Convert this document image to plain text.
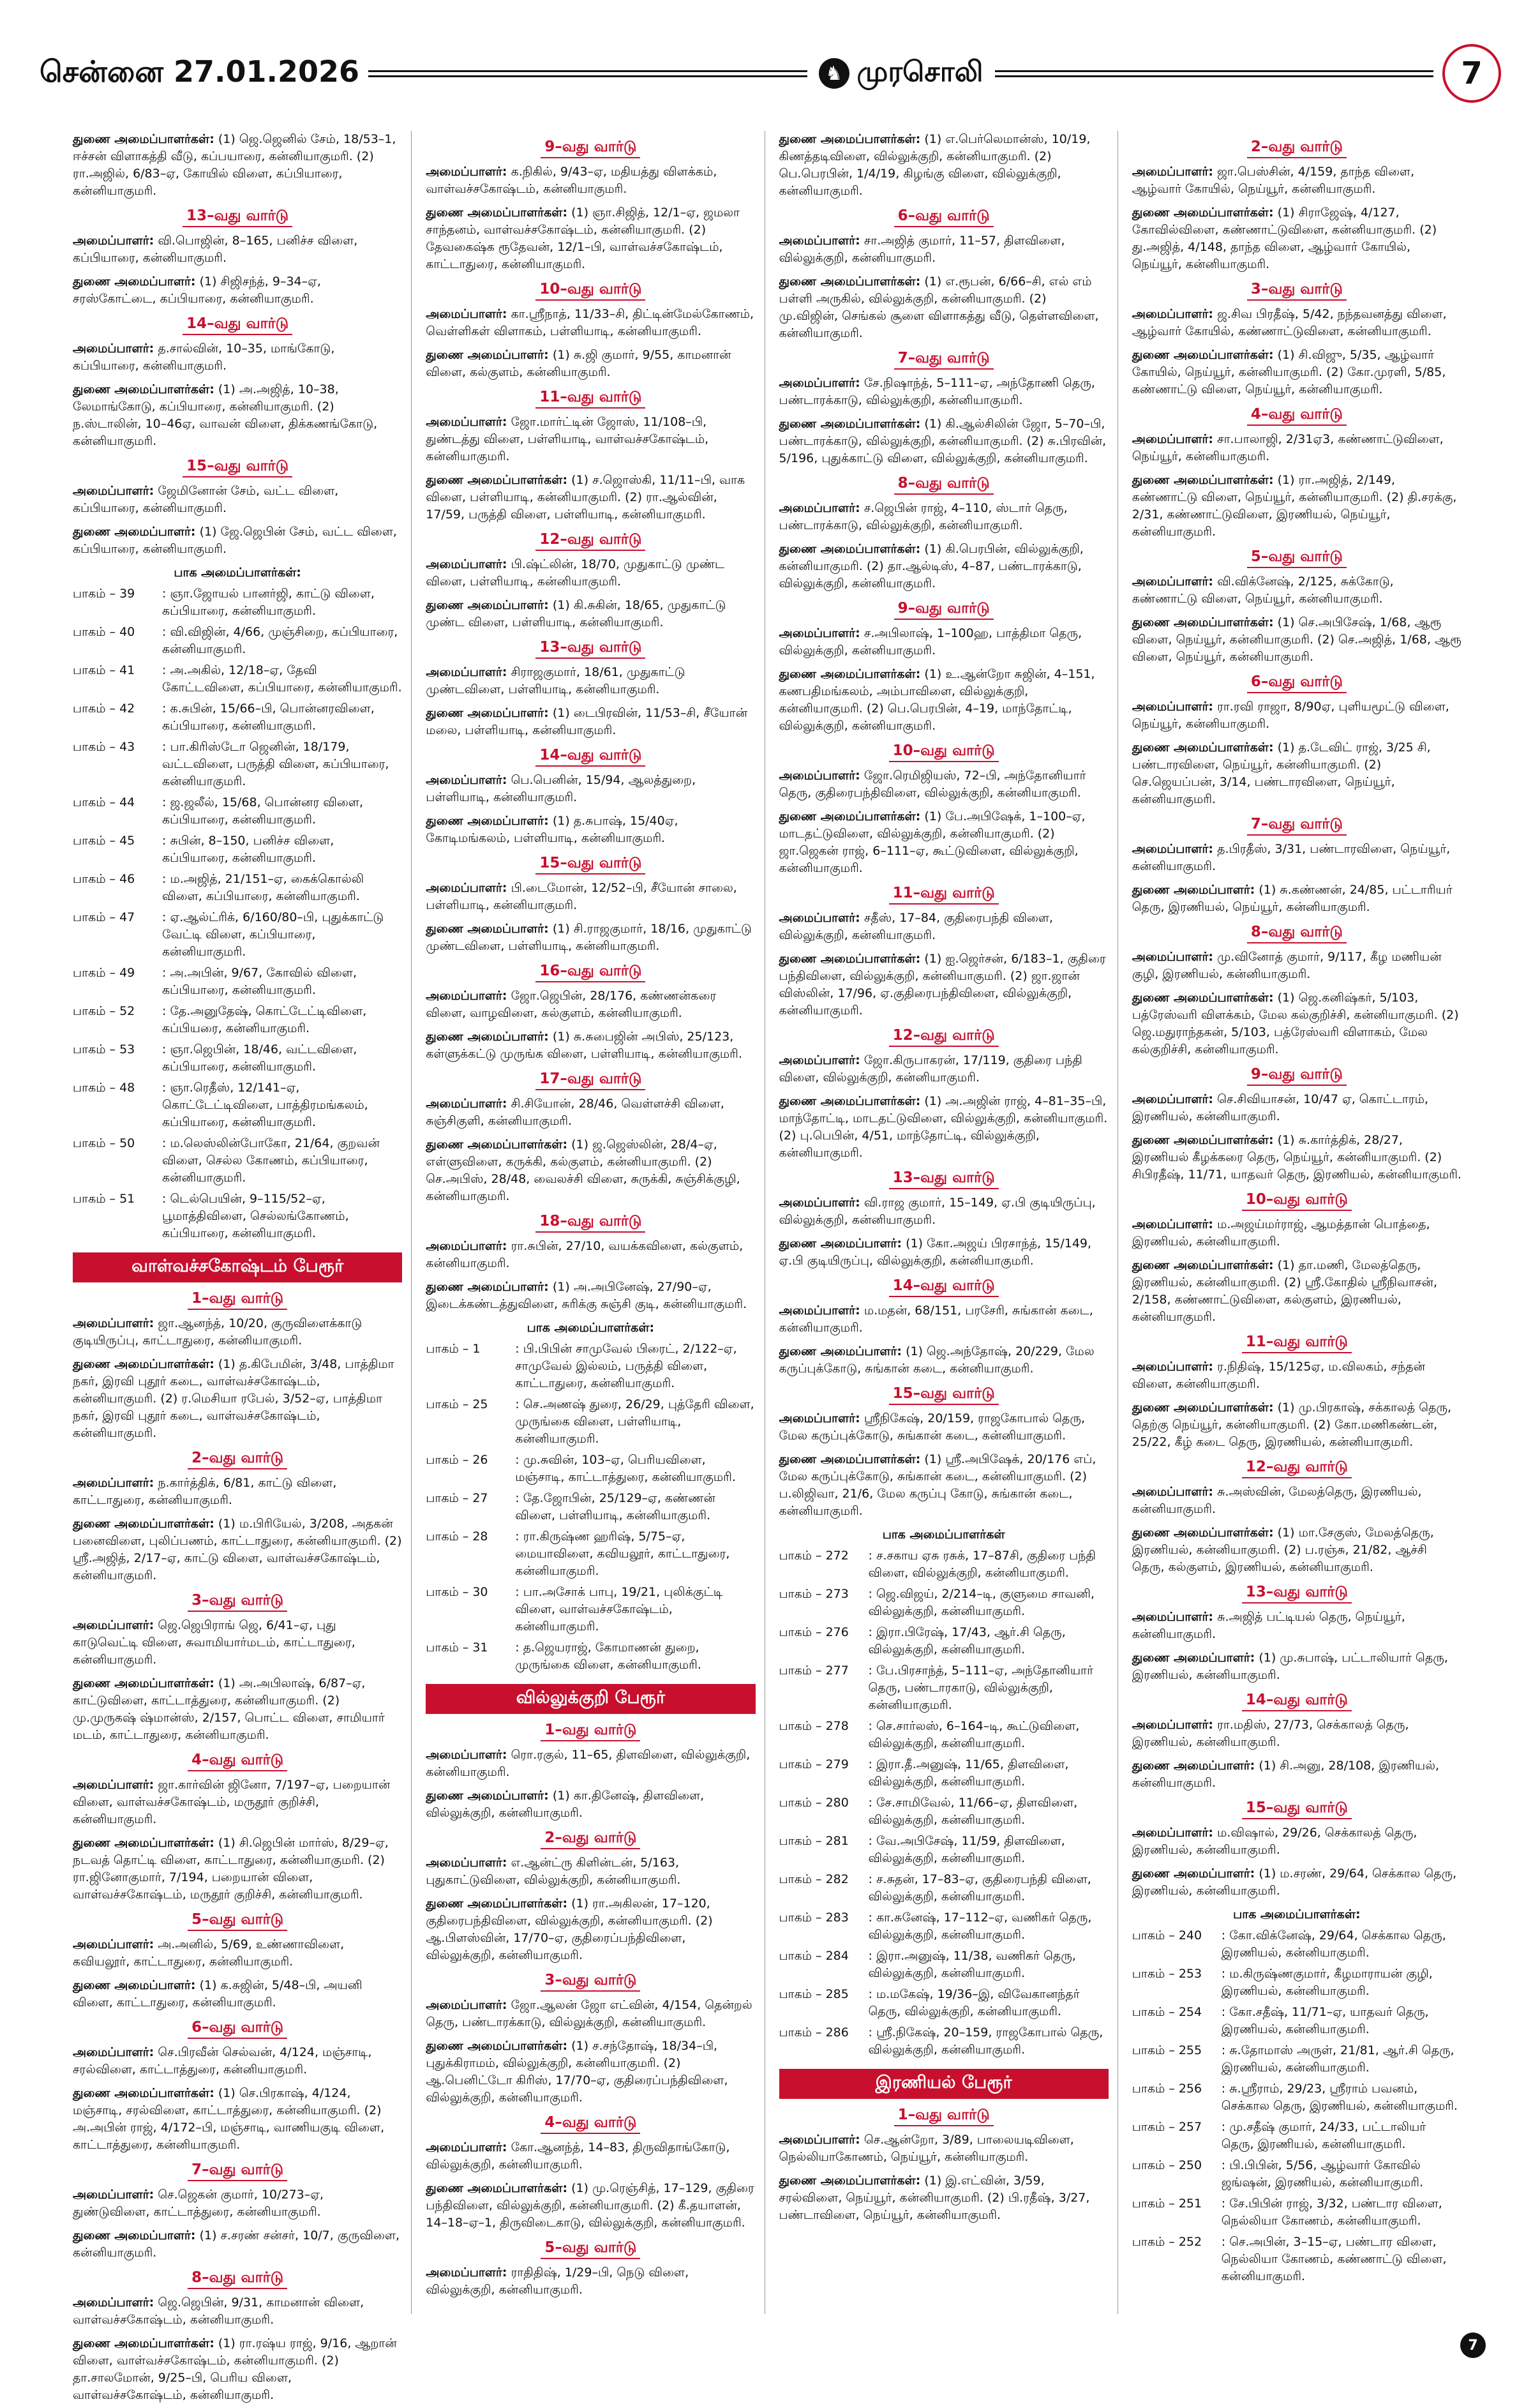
சென்னை 27.01.2026	♞ முரசொலி	7
துணை அமைப்பாளர்கள்: (1) ஜெ.ஜெனில் சேம், 18/53–1, ஈச்சன் விளாகத்தி வீடு, கப்பயாரை, கன்னியாகுமரி. (2) ரா.அஜில், 6/83–ஏ, கோயில் விளை, கப்பியாரை, கன்னியாகுமரி.
13–வது வார்டு
அமைப்பாளர்: வி.பொஜின், 8–165, பனிச்ச விளை, கப்பியாரை, கன்னியாகுமரி.
துணை அமைப்பாளர்: (1) சிஜிசந்த், 9–34–ஏ, சரஸ்கோட்டை, கப்பியாரை, கன்னியாகுமரி.
14–வது வார்டு
அமைப்பாளர்: த.சால்வின், 10–35, மாங்கோடு, கப்பியாரை, கன்னியாகுமரி.
துணை அமைப்பாளர்கள்: (1) அ.அஜித், 10–38, லேமாங்கோடு, கப்பியாரை, கன்னியாகுமரி. (2) ந.ஸ்டாலின், 10–46ஏ, வாவன் விளை, திக்கணங்கோடு, கன்னியாகுமரி.
15–வது வார்டு
அமைப்பாளர்: ஜேமினோன் சேம், வட்ட விளை, கப்பியாரை, கன்னியாகுமரி.
துணை அமைப்பாளர்: (1) ஜே.ஜெபின் சேம், வட்ட விளை, கப்பியாரை, கன்னியாகுமரி.
பாக அமைப்பாளர்கள்:
பாகம் – 39	: ஞா.ஜோயல் பானர்ஜி, காட்டு விளை, கப்பியாரை, கன்னியாகுமரி.
பாகம் – 40	: வி.விஜின், 4/66, முஞ்சிறை, கப்பியாரை, கன்னியாகுமரி.
பாகம் – 41	: அ.அகில், 12/18–ஏ, தேவி கோட்டவிளை, கப்பியாரை, கன்னியாகுமரி.
பாகம் – 42	: க.சுபின், 15/66–பி, பொன்னரவிளை, கப்பியாரை, கன்னியாகுமரி.
பாகம் – 43	: பா.கிரிஸ்டோ ஜெனின், 18/179, வட்டவிளை, பருத்தி விளை, கப்பியாரை, கன்னியாகுமரி.
பாகம் – 44	: ஜ.ஜலீல், 15/68, பொன்னர விளை, கப்பியாரை, கன்னியாகுமரி.
பாகம் – 45	: சுபின், 8–150, பனிச்ச விளை, கப்பியாரை, கன்னியாகுமரி.
பாகம் – 46	: ம.அஜித், 21/151–ஏ, கைக்கொல்லி விளை, கப்பியாரை, கன்னியாகுமரி.
பாகம் – 47	: ஏ.ஆல்ட்ரிக், 6/160/80–பி, புதுக்காட்டு வேட்டி விளை, கப்பியாரை, கன்னியாகுமரி.
பாகம் – 49	: அ.அபின், 9/67, கோவில் விளை, கப்பியாரை, கன்னியாகுமரி.
பாகம் – 52	: தே.அனுதேஷ், கொட்டேட்டிவிளை, கப்பியரை, கன்னியாகுமரி.
பாகம் – 53	: ஞா.ஜெபின், 18/46, வட்டவிளை, கப்பியாரை, கன்னியாகுமரி.
பாகம் – 48	: ஞா.ரெதீஸ், 12/141–ஏ, கொட்டேட்டிவிளை, பாத்திரமங்கலம், கப்பியாரை, கன்னியாகுமரி.
பாகம் – 50	: ம.லெஸ்லின்போகோ, 21/64, குறவன் விளை, செல்ல கோணம், கப்பியாரை, கன்னியாகுமரி.
பாகம் – 51	: டெல்பெயின், 9–115/52–ஏ, பூமாத்திவிளை, செல்லங்கோணம், கப்பியாரை, கன்னியாகுமரி.
வாள்வச்சகோஷ்டம் பேரூர்
1–வது வார்டு
அமைப்பாளர்: ஜா.ஆனந்த், 10/20, குருவிளைக்காடு குடியிருப்பு, காட்டாதுரை, கன்னியாகுமரி.
துணை அமைப்பாளர்கள்: (1) த.கிபேமின், 3/48, பாத்திமா நகர், இரவி புதூர் கடை, வாள்வச்சகோஷ்டம், கன்னியாகுமரி. (2) ர.மெசியா ரபேல், 3/52–ஏ, பாத்திமா நகர், இரவி புதூர் கடை, வாள்வச்சகோஷ்டம், கன்னியாகுமரி.
2–வது வார்டு
அமைப்பாளர்: ந.கார்த்திக், 6/81, காட்டு விளை, காட்டாதுரை, கன்னியாகுமரி.
துணை அமைப்பாளர்கள்: (1) ம.பிரியேல், 3/208, அதகன் பனைவிளை, புலிப்பணம், காட்டாதுரை, கன்னியாகுமரி. (2) ஸ்ரீ.அஜித், 2/17–ஏ, காட்டு விளை, வாள்வச்சகோஷ்டம், கன்னியாகுமரி.
3–வது வார்டு
அமைப்பாளர்: ஜெ.ஜெபிராங் ஜெ, 6/41–ஏ, புது காடுவெட்டி விளை, சுவாமியார்மடம், காட்டாதுரை, கன்னியாகுமரி.
துணை அமைப்பாளர்கள்: (1) அ.அபிலாஷ், 6/87–ஏ, காட்டுவிளை, காட்டாத்துரை, கன்னியாகுமரி. (2) மு.முருகஷ் ஷ்மான்ஸ், 2/157, பொட்ட விளை, சாமியார் மடம், காட்டாதுரை, கன்னியாகுமரி.
4–வது வார்டு
அமைப்பாளர்: ஜா.கார்வின் ஜினோ, 7/197–ஏ, பறையான் விளை, வாள்வச்சகோஷ்டம், மருதூர் குறிச்சி, கன்னியாகுமரி.
துணை அமைப்பாளர்கள்: (1) சி.ஜெபின் மார்ஸ், 8/29–ஏ, நடவத் தொட்டி விளை, காட்டாதுரை, கன்னியாகுமரி. (2) ரா.ஜினோகுமார், 7/194, பறையான் விளை, வாள்வச்சகோஷ்டம், மருதூர் குறிச்சி, கன்னியாகுமரி.
5–வது வார்டு
அமைப்பாளர்: அ.அனில், 5/69, உண்ணாவிளை, கவியலூர், காட்டாதுரை, கன்னியாகுமரி.
துணை அமைப்பாளர்: (1) க.சுஜின், 5/48–பி, அயனி விளை, காட்டாதுரை, கன்னியாகுமரி.
6–வது வார்டு
அமைப்பாளர்: செ.பிரவீன் செல்வன், 4/124, மஞ்சாடி, சரல்விளை, காட்டாத்துரை, கன்னியாகுமரி.
துணை அமைப்பாளர்கள்: (1) செ.பிரகாஷ், 4/124, மஞ்சாடி, சரல்விளை, காட்டாத்துரை, கன்னியாகுமரி. (2) அ.அபின் ராஜ், 4/172–பி, மஞ்சாடி, வாணியகுடி விளை, காட்டாத்துரை, கன்னியாகுமரி.
7–வது வார்டு
அமைப்பாளர்: செ.ஜெகன் குமார், 10/273–ஏ, துண்டுவிளை, காட்டாத்துரை, கன்னியாகுமரி.
துணை அமைப்பாளர்: (1) ச.சரண் சன்சர், 10/7, குருவிளை, கன்னியாகுமரி.
8–வது வார்டு
அமைப்பாளர்: ஜெ.ஜெபின், 9/31, காமனான் விளை, வாள்வச்சகோஷ்டம், கன்னியாகுமரி.
துணை அமைப்பாளர்கள்: (1) ரா.ரஷ்ய ராஜ், 9/16, ஆறான் விளை, வாள்வச்சகோஷ்டம், கன்னியாகுமரி. (2) தா.சாலமோன், 9/25–பி, பெரிய விளை, வாள்வச்சகோஷ்டம், கன்னியாகுமரி.
9–வது வார்டு
அமைப்பாளர்: க.நிகில், 9/43–ஏ, மதியத்து விளக்கம், வாள்வச்சகோஷ்டம், கன்னியாகுமரி.
துணை அமைப்பாளர்கள்: (1) ஞா.சிஜித், 12/1–ஏ, ஜமலா சாந்தனம், வாள்வச்சகோஷ்டம், கன்னியாகுமரி. (2) தேவகைஷ்க ரூதேவன், 12/1–பி, வாள்வச்சகோஷ்டம், காட்டாதுரை, கன்னியாகுமரி.
10–வது வார்டு
அமைப்பாளர்: கா.ஸ்ரீநாத், 11/33–சி, திட்டின்மேல்கோணம், வெள்ளிகள் விளாகம், பள்ளியாடி, கன்னியாகுமரி.
துணை அமைப்பாளர்: (1) சு.ஜி குமார், 9/55, காமனான் விளை, கல்குளம், கன்னியாகுமரி.
11–வது வார்டு
அமைப்பாளர்: ஜோ.மார்ட்டின் ஜோஸ், 11/108–பி, துண்டத்து விளை, பள்ளியாடி, வாள்வச்சகோஷ்டம், கன்னியாகுமரி.
துணை அமைப்பாளர்கள்: (1) ச.ஜொஸ்கி, 11/11–பி, வாக விளை, பள்ளியாடி, கன்னியாகுமரி. (2) ரா.ஆல்வின், 17/59, பருத்தி விளை, பள்ளியாடி, கன்னியாகுமரி.
12–வது வார்டு
அமைப்பாளர்: பி.ஷ்ட்லின், 18/70, முதுகாட்டு முண்ட விளை, பள்ளியாடி, கன்னியாகுமரி.
துணை அமைப்பாளர்: (1) கி.சுகின், 18/65, முதுகாட்டு முண்ட விளை, பள்ளியாடி, கன்னியாகுமரி.
13–வது வார்டு
அமைப்பாளர்: சிராஜகுமார், 18/61, முதுகாட்டு முண்டவிளை, பள்ளியாடி, கன்னியாகுமரி.
துணை அமைப்பாளர்: (1) டைபிரவின், 11/53–சி, சீயோன் மலை, பள்ளியாடி, கன்னியாகுமரி.
14–வது வார்டு
அமைப்பாளர்: பெ.பெனின், 15/94, ஆலத்துறை, பள்ளியாடி, கன்னியாகுமரி.
துணை அமைப்பாளர்: (1) த.சுபாஷ், 15/40ஏ, கோடிமங்கலம், பள்ளியாடி, கன்னியாகுமரி.
15–வது வார்டு
அமைப்பாளர்: பி.டைமோன், 12/52–பி, சீயோன் சாலை, பள்ளியாடி, கன்னியாகுமரி.
துணை அமைப்பாளர்: (1) சி.ராஜகுமார், 18/16, முதுகாட்டு முண்டவிளை, பள்ளியாடி, கன்னியாகுமரி.
16–வது வார்டு
அமைப்பாளர்: ஜோ.ஜெபின், 28/176, கண்ணன்கரை விளை, வாழவிளை, கல்குளம், கன்னியாகுமரி.
துணை அமைப்பாளர்: (1) சு.சுபைஜின் அபிஸ், 25/123, கள்ளுக்கட்டு முருங்க விளை, பள்ளியாடி, கன்னியாகுமரி.
17–வது வார்டு
அமைப்பாளர்: சி.சியோன், 28/46, வெள்ளச்சி விளை, சுஞ்சிகுளி, கன்னியாகுமரி.
துணை அமைப்பாளர்கள்: (1) ஜ.ஜெஸ்லின், 28/4–ஏ, எள்ளுவிளை, கருக்கி, கல்குளம், கன்னியாகுமரி. (2) செ.அபிஸ், 28/48, வைலச்சி விளை, சுருக்கி, சுஞ்சிக்குழி, கன்னியாகுமரி.
18–வது வார்டு
அமைப்பாளர்: ரா.சுபின், 27/10, வயக்கவிளை, கல்குளம், கன்னியாகுமரி.
துணை அமைப்பாளர்: (1) அ.அபினேஷ், 27/90–ஏ, இடைக்கண்டத்துவிளை, சுரிக்கு சுஞ்சி குடி, கன்னியாகுமரி.
பாக அமைப்பாளர்கள்:
பாகம் – 1	: பி.பிபின் சாமுவேல் பிரைட், 2/122–ஏ, சாமுவேல் இல்லம், பருத்தி விளை, காட்டாதுரை, கன்னியாகுமரி.
பாகம் – 25	: செ.அணஷ் துரை, 26/29, புத்தேரி விளை, முருங்கை விளை, பள்ளியாடி, கன்னியாகுமரி.
பாகம் – 26	: மு.சுவின், 103–ஏ, பெரியவிளை, மஞ்சாடி, காட்டாத்துரை, கன்னியாகுமரி.
பாகம் – 27	: தே.ஜோபின், 25/129–ஏ, கண்ணன் விளை, பள்ளியாடி, கன்னியாகுமரி.
பாகம் – 28	: ரா.கிருஷ்ண ஹரிஷ், 5/75–ஏ, மையாவிளை, கவியலூர், காட்டாதுரை, கன்னியாகுமரி.
பாகம் – 30	: பா.அசோக் பாபு, 19/21, புலிக்குட்டி விளை, வாள்வச்சகோஷ்டம், கன்னியாகுமரி.
பாகம் – 31	: த.ஜெயராஜ், கோமாணன் துறை, முருங்கை விளை, கன்னியாகுமரி.
வில்லுக்குறி பேரூர்
1–வது வார்டு
அமைப்பாளர்: ரொ.ரகுல், 11–65, திளவிளை, வில்லுக்குறி, கன்னியாகுமரி.
துணை அமைப்பாளர்: (1) கா.தினேஷ், திளவிளை, வில்லுக்குறி, கன்னியாகுமரி.
2–வது வார்டு
அமைப்பாளர்: எ.ஆன்ட்ரு கிளின்டன், 5/163, புதுகாட்டுவிளை, வில்லுக்குறி, கன்னியாகுமரி.
துணை அமைப்பாளர்கள்: (1) ரா.அகிலன், 17–120, குதிரைபந்திவிளை, வில்லுக்குறி, கன்னியாகுமரி. (2) ஆ.பிளஸ்வின், 17/70–ஏ, குதிரைப்பந்திவிளை, வில்லுக்குறி, கன்னியாகுமரி.
3–வது வார்டு
அமைப்பாளர்: ஜோ.ஆலன் ஜோ எட்வின், 4/154, தென்றல் தெரு, பண்டாரக்காடு, வில்லுக்குறி, கன்னியாகுமரி.
துணை அமைப்பாளர்கள்: (1) ச.சந்தோஷ், 18/34–பி, புதுக்கிராமம், வில்லுக்குறி, கன்னியாகுமரி. (2) ஆ.பெனிட்டோ கிரிஸ், 17/70–ஏ, குதிரைப்பந்திவிளை, வில்லுக்குறி, கன்னியாகுமரி.
4–வது வார்டு
அமைப்பாளர்: கோ.ஆனந்த், 14–83, திருவிதாங்கோடு, வில்லுக்குறி, கன்னியாகுமரி.
துணை அமைப்பாளர்கள்: (1) மு.ரெஞ்சித், 17–129, குதிரை பந்திவிளை, வில்லுக்குறி, கன்னியாகுமரி. (2) கீ.தயாளன், 14–18–ஏ–1, திருவிடைகாடு, வில்லுக்குறி, கன்னியாகுமரி.
5–வது வார்டு
அமைப்பாளர்: ராதிதிஷ், 1/29–பி, நெடு விளை, வில்லுக்குறி, கன்னியாகுமரி.
துணை அமைப்பாளர்கள்: (1) எ.பெர்லெமான்ஸ், 10/19, கிணத்தடிவிளை, வில்லுக்குறி, கன்னியாகுமரி. (2) பெ.பெரபின், 1/4/19, கிழங்கு விளை, வில்லுக்குறி, கன்னியாகுமரி.
6–வது வார்டு
அமைப்பாளர்: சா.அஜித் குமார், 11–57, திளவிளை, வில்லுக்குறி, கன்னியாகுமரி.
துணை அமைப்பாளர்கள்: (1) எ.ரூபன், 6/66–சி, எல் எம் பள்ளி அருகில், வில்லுக்குறி, கன்னியாகுமரி. (2) மு.விஜின், செங்கல் சூளை விளாகத்து வீடு, தெள்ளவிளை, கன்னியாகுமரி.
7–வது வார்டு
அமைப்பாளர்: சே.நிஷாந்த், 5–111–ஏ, அந்தோணி தெரு, பண்டாரக்காடு, வில்லுக்குறி, கன்னியாகுமரி.
துணை அமைப்பாளர்கள்: (1) கி.ஆல்சிலின் ஜோ, 5–70–பி, பண்டாரக்காடு, வில்லுக்குறி, கன்னியாகுமரி. (2) சு.பிரவின், 5/196, புதுக்காட்டு விளை, வில்லுக்குறி, கன்னியாகுமரி.
8–வது வார்டு
அமைப்பாளர்: ச.ஜெபின் ராஜ், 4–110, ஸ்டார் தெரு, பண்டாரக்காடு, வில்லுக்குறி, கன்னியாகுமரி.
துணை அமைப்பாளர்கள்: (1) கி.பெரபின், வில்லுக்குறி, கன்னியாகுமரி. (2) தா.ஆல்டிஸ், 4–87, பண்டாரக்காடு, வில்லுக்குறி, கன்னியாகுமரி.
9–வது வார்டு
அமைப்பாளர்: ச.அபிலாஷ், 1–100ஹ, பாத்திமா தெரு, வில்லுக்குறி, கன்னியாகுமரி.
துணை அமைப்பாளர்கள்: (1) உ.ஆன்றோ சுஜின், 4–151, கணபதிமங்கலம், அம்பாவிளை, வில்லுக்குறி, கன்னியாகுமரி. (2) பெ.பெரபின், 4–19, மாந்தோட்டி, வில்லுக்குறி, கன்னியாகுமரி.
10–வது வார்டு
அமைப்பாளர்: ஜோ.ரெமிஜியஸ், 72–பி, அந்தோனியார் தெரு, குதிரைபந்திவிளை, வில்லுக்குறி, கன்னியாகுமரி.
துணை அமைப்பாளர்கள்: (1) பே.அபிஷேக், 1–100–ஏ, மாடதட்டுவிளை, வில்லுக்குறி, கன்னியாகுமரி. (2) ஜா.ஜெகன் ராஜ், 6–111–ஏ, கூட்டுவிளை, வில்லுக்குறி, கன்னியாகுமரி.
11–வது வார்டு
அமைப்பாளர்: சதீஸ், 17–84, குதிரைபந்தி விளை, வில்லுக்குறி, கன்னியாகுமரி.
துணை அமைப்பாளர்கள்: (1) ஐ.ஜெர்சன், 6/183–1, குதிரை பந்திவிளை, வில்லுக்குறி, கன்னியாகுமரி. (2) ஜா.ஜான் விஸ்லின், 17/96, ஏ.குதிரைபந்திவிளை, வில்லுக்குறி, கன்னியாகுமரி.
12–வது வார்டு
அமைப்பாளர்: ஜோ.கிருபாகரன், 17/119, குதிரை பந்தி விளை, வில்லுக்குறி, கன்னியாகுமரி.
துணை அமைப்பாளர்கள்: (1) அ.அஜின் ராஜ், 4–81–35–பி, மாந்தோட்டி, மாடதட்டுவிளை, வில்லுக்குறி, கன்னியாகுமரி. (2) பு.பெபின், 4/51, மாந்தோட்டி, வில்லுக்குறி, கன்னியாகுமரி.
13–வது வார்டு
அமைப்பாளர்: வி.ராஜ குமார், 15–149, ஏ.பி குடியிருப்பு, வில்லுக்குறி, கன்னியாகுமரி.
துணை அமைப்பாளர்: (1) கோ.அஜய் பிரசாந்த், 15/149, ஏ.பி குடியிருப்பு, வில்லுக்குறி, கன்னியாகுமரி.
14–வது வார்டு
அமைப்பாளர்: ம.மதன், 68/151, பரசேரி, சுங்கான் கடை, கன்னியாகுமரி.
துணை அமைப்பாளர்: (1) ஜெ.அந்தோஷ், 20/229, மேல கருப்புக்கோடு, சுங்கான் கடை, கன்னியாகுமரி.
15–வது வார்டு
அமைப்பாளர்: ஸ்ரீநிகேஷ், 20/159, ராஜகோபால் தெரு, மேல கருப்புக்கோடு, சுங்கான் கடை, கன்னியாகுமரி.
துணை அமைப்பாளர்கள்: (1) ஸ்ரீ.அபிஷேக், 20/176 எப், மேல கருப்புக்கோடு, சுங்கான் கடை, கன்னியாகுமரி. (2) ப.லிஜிவா, 21/6, மேல கருப்பு கோடு, சுங்கான் கடை, கன்னியாகுமரி.
பாக அமைப்பாளர்கள்
பாகம் – 272	: ச.சகாய ஏசு ரசுக், 17–87சி, குதிரை பந்தி விளை, வில்லுக்குறி, கன்னியாகுமரி.
பாகம் – 273	: ஜெ.விஜய், 2/214–டி, குளுமை சாவனி, வில்லுக்குறி, கன்னியாகுமரி.
பாகம் – 276	: இரா.பிரேஷ், 17/43, ஆர்.சி தெரு, வில்லுக்குறி, கன்னியாகுமரி.
பாகம் – 277	: பே.பிரசாந்த், 5–111–ஏ, அந்தோனியார் தெரு, பண்டாரகாடு, வில்லுக்குறி, கன்னியாகுமரி.
பாகம் – 278	: செ.சார்லஸ், 6–164–டி, கூட்டுவிளை, வில்லுக்குறி, கன்னியாகுமரி.
பாகம் – 279	: இரா.தீ.அனுஷ், 11/65, திளவிளை, வில்லுக்குறி, கன்னியாகுமரி.
பாகம் – 280	: சே.சாமிவேல், 11/66–ஏ, திளவிளை, வில்லுக்குறி, கன்னியாகுமரி.
பாகம் – 281	: வே.அபிசேஷ், 11/59, திளவிளை, வில்லுக்குறி, கன்னியாகுமரி.
பாகம் – 282	: ச.சுதன், 17–83–ஏ, குதிரைபந்தி விளை, வில்லுக்குறி, கன்னியாகுமரி.
பாகம் – 283	: கா.சுனேஷ், 17–112–ஏ, வணிகர் தெரு, வில்லுக்குறி, கன்னியாகுமரி.
பாகம் – 284	: இரா.அனுஷ், 11/38, வணிகர் தெரு, வில்லுக்குறி, கன்னியாகுமரி.
பாகம் – 285	: ம.மகேஷ், 19/36–இ, விவேகானந்தர் தெரு, வில்லுக்குறி, கன்னியாகுமரி.
பாகம் – 286	: ஸ்ரீ.நிகேஷ், 20–159, ராஜகோபால் தெரு, வில்லுக்குறி, கன்னியாகுமரி.
இரணியல் பேரூர்
1–வது வார்டு
அமைப்பாளர்: செ.ஆன்றோ, 3/89, பாலையடிவிளை, நெல்லியாகோணம், நெய்யூர், கன்னியாகுமரி.
துணை அமைப்பாளர்கள்: (1) இ.எட்வின், 3/59, சரல்விளை, நெய்யூர், கன்னியாகுமரி. (2) பி.ரதீஷ், 3/27, பண்டாவிளை, நெய்யூர், கன்னியாகுமரி.
2–வது வார்டு
அமைப்பாளர்: ஜா.பெஸ்சின், 4/159, தாந்த விளை, ஆழ்வார் கோயில், நெய்யூர், கன்னியாகுமரி.
துணை அமைப்பாளர்கள்: (1) சிராஜேஷ், 4/127, கோவில்விளை, கண்ணாட்டுவிளை, கன்னியாகுமரி. (2) து.அஜித், 4/148, தாந்த விளை, ஆழ்வார் கோயில், நெய்யூர், கன்னியாகுமரி.
3–வது வார்டு
அமைப்பாளர்: ஜ.சிவ பிரதீஷ், 5/42, நந்தவனத்து விளை, ஆழ்வார் கோயில், கண்ணாட்டுவிளை, கன்னியாகுமரி.
துணை அமைப்பாளர்கள்: (1) சி.விஜு, 5/35, ஆழ்வார் கோயில், நெய்யூர், கன்னியாகுமரி. (2) கோ.முரளி, 5/85, கண்ணாட்டு விளை, நெய்யூர், கன்னியாகுமரி.
4–வது வார்டு
அமைப்பாளர்: சா.பாலாஜி, 2/31ஏ3, கண்ணாட்டுவிளை, நெய்யூர், கன்னியாகுமரி.
துணை அமைப்பாளர்கள்: (1) ரா.அஜித், 2/149, கண்ணாட்டு விளை, நெய்யூர், கன்னியாகுமரி. (2) தி.சரக்கு, 2/31, கண்ணாட்டுவிளை, இரணியல், நெய்யூர், கன்னியாகுமரி.
5–வது வார்டு
அமைப்பாளர்: வி.விக்னேஷ், 2/125, சுக்கோடு, கண்ணாட்டு விளை, நெய்யூர், கன்னியாகுமரி.
துணை அமைப்பாளர்கள்: (1) செ.அபிசேஷ், 1/68, ஆரூ விளை, நெய்யூர், கன்னியாகுமரி. (2) செ.அஜித், 1/68, ஆரூ விளை, நெய்யூர், கன்னியாகுமரி.
6–வது வார்டு
அமைப்பாளர்: ரா.ரவி ராஜா, 8/90ஏ, புளியமூட்டு விளை, நெய்யூர், கன்னியாகுமரி.
துணை அமைப்பாளர்கள்: (1) த.டேவிட் ராஜ், 3/25 சி, பண்டாரவிளை, நெய்யூர், கன்னியாகுமரி. (2) செ.ஜெயப்பன், 3/14, பண்டாரவிளை, நெய்யூர், கன்னியாகுமரி.
7–வது வார்டு
அமைப்பாளர்: த.பிரதீஸ், 3/31, பண்டாரவிளை, நெய்யூர், கன்னியாகுமரி.
துணை அமைப்பாளர்: (1) சு.கண்ணன், 24/85, பட்டாரியர் தெரு, இரணியல், நெய்யூர், கன்னியாகுமரி.
8–வது வார்டு
அமைப்பாளர்: மு.வினோத் குமார், 9/117, கீழ மணியன் குழி, இரணியல், கன்னியாகுமரி.
துணை அமைப்பாளர்கள்: (1) ஜெ.கனிஷ்கர், 5/103, பத்ரேஸ்வரி விளக்கம், மேல கல்குறிச்சி, கன்னியாகுமரி. (2) ஜெ.மதுராந்தகன், 5/103, பத்ரேஸ்வரி விளாகம், மேல கல்குறிச்சி, கன்னியாகுமரி.
9–வது வார்டு
அமைப்பாளர்: செ.சிவியாசன், 10/47 ஏ, கொட்டாரம், இரணியல், கன்னியாகுமரி.
துணை அமைப்பாளர்கள்: (1) சு.கார்த்திக், 28/27, இரணியல் கீழக்கரை தெரு, நெய்யூர், கன்னியாகுமரி. (2) சிபிரதீஷ், 11/71, யாதவர் தெரு, இரணியல், கன்னியாகுமரி.
10–வது வார்டு
அமைப்பாளர்: ம.அஜய்மர்ராஜ், ஆமத்தான் பொத்தை, இரணியல், கன்னியாகுமரி.
துணை அமைப்பாளர்கள்: (1) தா.மணி, மேலத்தெரு, இரணியல், கன்னியாகுமரி. (2) ஸ்ரீ.கோதில் ஸ்ரீநிவாசன், 2/158, கண்ணாட்டுவிளை, கல்குளம், இரணியல், கன்னியாகுமரி.
11–வது வார்டு
அமைப்பாளர்: ர.நிதிஷ், 15/125ஏ, ம.விலகம், சந்தன் விளை, கன்னியாகுமரி.
துணை அமைப்பாளர்கள்: (1) மு.பிரகாஷ், சக்காலத் தெரு, தெற்கு நெய்யூர், கன்னியாகுமரி. (2) கோ.மணிகண்டன், 25/22, கீழ் கடை தெரு, இரணியல், கன்னியாகுமரி.
12–வது வார்டு
அமைப்பாளர்: சு.அஸ்வின், மேலத்தெரு, இரணியல், கன்னியாகுமரி.
துணை அமைப்பாளர்கள்: (1) மா.சேகுஸ், மேலத்தெரு, இரணியல், கன்னியாகுமரி. (2) ப.ரஞ்சு, 21/82, ஆச்சி தெரு, கல்குளம், இரணியல், கன்னியாகுமரி.
13–வது வார்டு
அமைப்பாளர்: சு.அஜித் பட்டியல் தெரு, நெய்யூர், கன்னியாகுமரி.
துணை அமைப்பாளர்: (1) மு.சுபாஷ், பட்டாலியார் தெரு, இரணியல், கன்னியாகுமரி.
14–வது வார்டு
அமைப்பாளர்: ரா.மதிஸ், 27/73, செக்காலத் தெரு, இரணியல், கன்னியாகுமரி.
துணை அமைப்பாளர்: (1) சி.அனு, 28/108, இரணியல், கன்னியாகுமரி.
15–வது வார்டு
அமைப்பாளர்: ம.விஷால், 29/26, செக்காலத் தெரு, இரணியல், கன்னியாகுமரி.
துணை அமைப்பாளர்: (1) ம.சரண், 29/64, செக்கால தெரு, இரணியல், கன்னியாகுமரி.
பாக அமைப்பாளர்கள்:
பாகம் – 240	: கோ.விக்னேஷ், 29/64, செக்கால தெரு, இரணியல், கன்னியாகுமரி.
பாகம் – 253	: ம.கிருஷ்ணகுமார், கீழமாராயன் குழி, இரணியல், கன்னியாகுமரி.
பாகம் – 254	: கோ.சதீஷ், 11/71–ஏ, யாதவர் தெரு, இரணியல், கன்னியாகுமரி.
பாகம் – 255	: சு.தோமாஸ் அருள், 21/81, ஆர்.சி தெரு, இரணியல், கன்னியாகுமரி.
பாகம் – 256	: சு.ஸ்ரீராம், 29/23, ஸ்ரீராம் பவனம், செக்கால தெரு, இரணியல், கன்னியாகுமரி.
பாகம் – 257	: மு.சதீஷ் குமார், 24/33, பட்டாலியர் தெரு, இரணியல், கன்னியாகுமரி.
பாகம் – 250	: பி.பிபின், 5/56, ஆழ்வார் கோவில் ஜங்ஷன், இரணியல், கன்னியாகுமரி.
பாகம் – 251	: சே.பிபின் ராஜ், 3/32, பண்டார விளை, நெல்லியா கோணம், கன்னியாகுமரி.
பாகம் – 252	: செ.அபின், 3–15–ஏ, பண்டார விளை, நெல்லியா கோணம், கண்ணாட்டு விளை, கன்னியாகுமரி.
7
